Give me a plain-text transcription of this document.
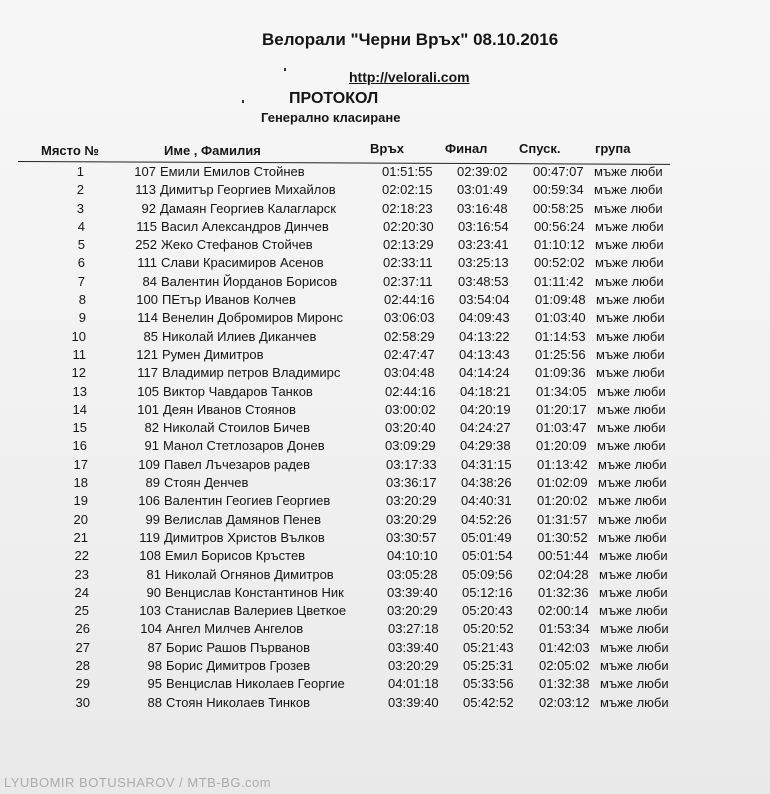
Велорали "Черни Връх" 08.10.2016
http://velorali.com
ПРОТОКОЛ
Генерално класиране
Място №	Име , Фамилия	Връх	Финал Спуск.	група
1	107 Емили Емилов Стойнев	01:51:55 02:39:02 00:47:07 мъже люби
2	113 Димитър Георгиев Михайлов	02:02:15 03:01:49 00:59:34 мъже люби
3	92 Дамаян Георгиев Калагларск	02:18:23 03:16:48 00:58:25 мъже люби
4	115 Васил Александров Динчев	02:20:30 03:16:54 00:56:24 мъже люби
5	252 Жеко Стефанов Стойчев	02:13:29 03:23:41 01:10:12 мъже люби
6	111 Слави Красимиров Асенов	02:33:11 03:25:13 00:52:02 мъже люби
7	84 Валентин Йорданов Борисов	02:37:11 03:48:53 01:11:42 мъже люби
8	100 ПЕтър Иванов Колчев	02:44:16 03:54:04 01:09:48 мъже люби
9	114 Венелин Добромиров Миронс	03:06:03 04:09:43 01:03:40 мъже люби
10	85 Николай Илиев Диканчев	02:58:29 04:13:22 01:14:53 мъже люби
11	121 Румен Димитров	02:47:47 04:13:43 01:25:56 мъже люби
12	117 Владимир петров Владимирс	03:04:48 04:14:24 01:09:36 мъже люби
13	105 Виктор Чавдаров Танков	02:44:16 04:18:21 01:34:05 мъже люби
14	101 Деян Иванов Стоянов	03:00:02 04:20:19 01:20:17 мъже люби
15	82 Николай Стоилов Бичев	03:20:40 04:24:27 01:03:47 мъже люби
16	91 Манол Стетлозаров Донев	03:09:29 04:29:38 01:20:09 мъже люби
17	109 Павел Лъчезаров радев	03:17:33 04:31:15 01:13:42 мъже люби
18	89 Стоян Денчев	03:36:17 04:38:26 01:02:09 мъже люби
19	106 Валентин Геогиев Георгиев	03:20:29 04:40:31 01:20:02 мъже люби
20	99 Велислав Дамянов Пенев	03:20:29 04:52:26 01:31:57 мъже люби
21	119 Димитров Христов Вълков	03:30:57 05:01:49 01:30:52 мъже люби
22	108 Емил Борисов Кръстев	04:10:10 05:01:54 00:51:44 мъже люби
23	81 Николай Огнянов Димитров	03:05:28 05:09:56 02:04:28 мъже люби
24	90 Венцислав Константинов Ник	03:39:40 05:12:16 01:32:36 мъже люби
25	103 Станислав Валериев Цветкое	03:20:29 05:20:43 02:00:14 мъже люби
26	104 Ангел Милчев Ангелов	03:27:18 05:20:52 01:53:34 мъже люби
27	87 Борис Рашов Първанов	03:39:40 05:21:43 01:42:03 мъже люби
28	98 Борис Димитров Грозев	03:20:29 05:25:31 02:05:02 мъже люби
29	95 Венцислав Николаев Георгие	04:01:18 05:33:56 01:32:38 мъже люби
30	88 Стоян Николаев Тинков	03:39:40 05:42:52 02:03:12 мъже люби
LYUBOMIR BOTUSHAROV / MTB-BG.com
